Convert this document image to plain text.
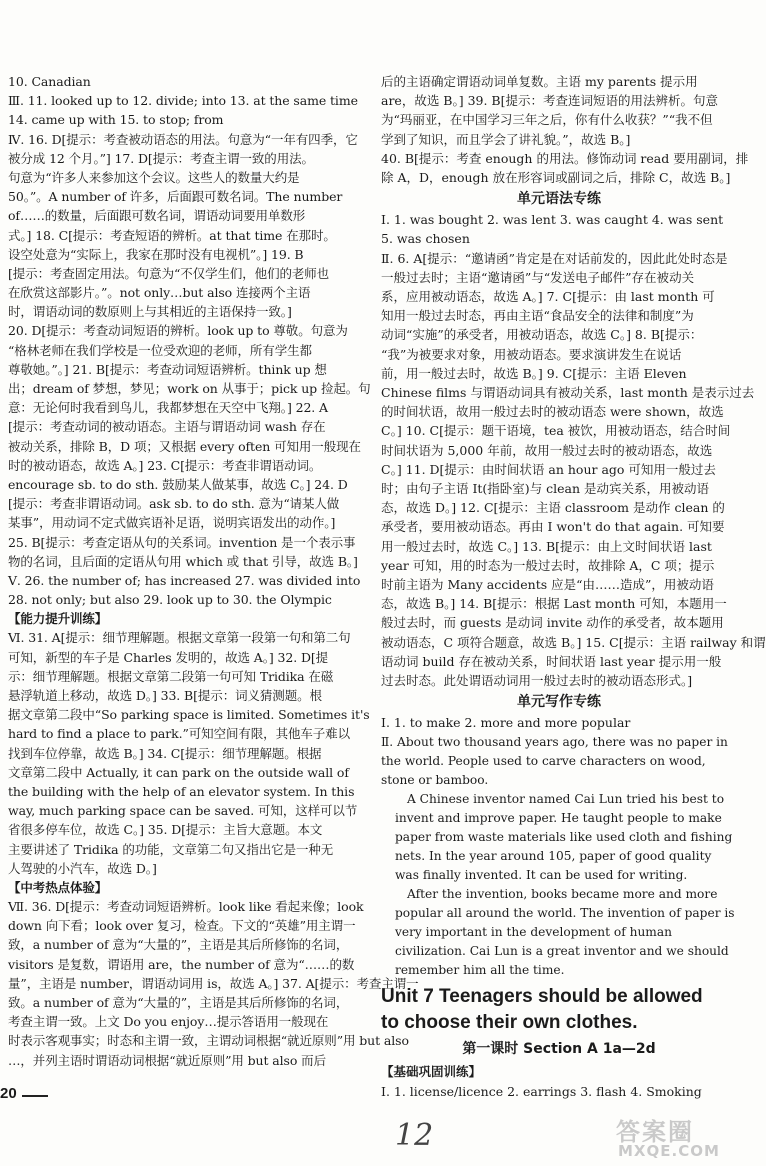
10. Canadian
Ⅲ. 11. looked up to 12. divide; into 13. at the same time
14. came up with 15. to stop; from
Ⅳ. 16. D[提示：考查被动语态的用法。句意为“一年有四季，它
被分成 12 个月。”] 17. D[提示：考查主谓一致的用法。
句意为“许多人来参加这个会议。这些人的数量大约是
50。”。A number of 许多，后面跟可数名词。The number
of……的数量，后面跟可数名词，谓语动词要用单数形
式。] 18. C[提示：考查短语的辨析。at that time 在那时。
设空处意为“实际上，我家在那时没有电视机”。] 19. B
[提示：考查固定用法。句意为“不仅学生们，他们的老师也
在欣赏这部影片。”。not only…but also 连接两个主语
时，谓语动词的数原则上与其相近的主语保持一致。]
20. D[提示：考查动词短语的辨析。look up to 尊敬。句意为
“格林老师在我们学校是一位受欢迎的老师，所有学生都
尊敬她。”。] 21. B[提示：考查动词短语辨析。think up 想
出；dream of 梦想，梦见；work on 从事于；pick up 捡起。句
意：无论何时我看到鸟儿，我都梦想在天空中飞翔。] 22. A
[提示：考查动词的被动语态。主语与谓语动词 wash 存在
被动关系，排除 B，D 项；又根据 every often 可知用一般现在
时的被动语态，故选 A。] 23. C[提示：考查非谓语动词。
encourage sb. to do sth. 鼓励某人做某事，故选 C。] 24. D
[提示：考查非谓语动词。ask sb. to do sth. 意为“请某人做
某事”，用动词不定式做宾语补足语，说明宾语发出的动作。]
25. B[提示：考查定语从句的关系词。invention 是一个表示事
物的名词，且后面的定语从句用 which 或 that 引导，故选 B。]
Ⅴ. 26. the number of; has increased 27. was divided into
28. not only; but also 29. look up to 30. the Olympic
【能力提升训练】
Ⅵ. 31. A[提示：细节理解题。根据文章第一段第一句和第二句
可知，新型的车子是 Charles 发明的，故选 A。] 32. D[提
示：细节理解题。根据文章第二段第一句可知 Tridika 在磁
悬浮轨道上移动，故选 D。] 33. B[提示：词义猜测题。根
据文章第二段中“So parking space is limited. Sometimes it's
hard to find a place to park.”可知空间有限，其他车子难以
找到车位停靠，故选 B。] 34. C[提示：细节理解题。根据
文章第二段中 Actually, it can park on the outside wall of
the building with the help of an elevator system. In this
way, much parking space can be saved. 可知，这样可以节
省很多停车位，故选 C。] 35. D[提示：主旨大意题。本文
主要讲述了 Tridika 的功能，文章第二句又指出它是一种无
人驾驶的小汽车，故选 D。]
【中考热点体验】
Ⅶ. 36. D[提示：考查动词短语辨析。look like 看起来像；look
down 向下看；look over 复习，检查。下文的“英雄”用主谓一
致，a number of 意为“大量的”，主语是其后所修饰的名词，
visitors 是复数，谓语用 are，the number of 意为“……的数
量”，主语是 number，谓语动词用 is，故选 A。] 37. A[提示：考查主谓一
致。a number of 意为“大量的”，主语是其后所修饰的名词，
考查主谓一致。上文 Do you enjoy…提示答语用一般现在
时表示客观事实；时态和主谓一致，主谓动词根据“就近原则”用 but also
…，并列主语时谓语动词根据“就近原则”用 but also 而后
后的主语确定谓语动词单复数。主语 my parents 提示用
are，故选 B。] 39. B[提示：考查连词短语的用法辨析。句意
为“玛丽亚，在中国学习三年之后，你有什么收获？”“我不但
学到了知识，而且学会了讲礼貌。”，故选 B。]
40. B[提示：考查 enough 的用法。修饰动词 read 要用副词，排
除 A，D，enough 放在形容词或副词之后，排除 C，故选 B。]
单元语法专练
Ⅰ. 1. was bought 2. was lent 3. was caught 4. was sent
5. was chosen
Ⅱ. 6. A[提示：“邀请函”肯定是在对话前发的，因此此处时态是
一般过去时；主语“邀请函”与“发送电子邮件”存在被动关
系，应用被动语态，故选 A。] 7. C[提示：由 last month 可
知用一般过去时态，再由主语“食品安全的法律和制度”为
动词“实施”的承受者，用被动语态，故选 C。] 8. B[提示：
“我”为被要求对象，用被动语态。要求演讲发生在说话
前，用一般过去时，故选 B。] 9. C[提示：主语 Eleven
Chinese films 与谓语动词具有被动关系，last month 是表示过去
的时间状语，故用一般过去时的被动语态 were shown，故选
C。] 10. C[提示：题干语境，tea 被饮，用被动语态，结合时间
时间状语为 5,000 年前，故用一般过去时的被动语态，故选
C。] 11. D[提示：由时间状语 an hour ago 可知用一般过去
时；由句子主语 It(指卧室)与 clean 是动宾关系，用被动语
态，故选 D。] 12. C[提示：主语 classroom 是动作 clean 的
承受者，要用被动语态。再由 I won't do that again. 可知要
用一般过去时，故选 C。] 13. B[提示：由上文时间状语 last
year 可知，用的时态为一般过去时，故排除 A，C 项；提示
时前主语为 Many accidents 应是“由……造成”，用被动语
态，故选 B。] 14. B[提示：根据 Last month 可知，本题用一
般过去时，而 guests 是动词 invite 动作的承受者，故本题用
被动语态，C 项符合题意，故选 B。] 15. C[提示：主语 railway 和谓
语动词 build 存在被动关系，时间状语 last year 提示用一般
过去时态。此处谓语动词用一般过去时的被动语态形式。]
单元写作专练
Ⅰ. 1. to make 2. more and more popular
Ⅱ. About two thousand years ago, there was no paper in the world. People used to carve characters on wood, stone or bamboo.
A Chinese inventor named Cai Lun tried his best to invent and improve paper. He taught people to make paper from waste materials like used cloth and fishing nets. In the year around 105, paper of good quality was finally invented. It can be used for writing.
After the invention, books became more and more popular all around the world. The invention of paper is very important in the development of human civilization. Cai Lun is a great inventor and we should remember him all the time.
Unit 7 Teenagers should be allowed
to choose their own clothes.
第一课时 Section A 1a—2d
【基础巩固训练】
Ⅰ. 1. license/licence 2. earrings 3. flash 4. Smoking
20
12	答案圈
MXQE.COM
